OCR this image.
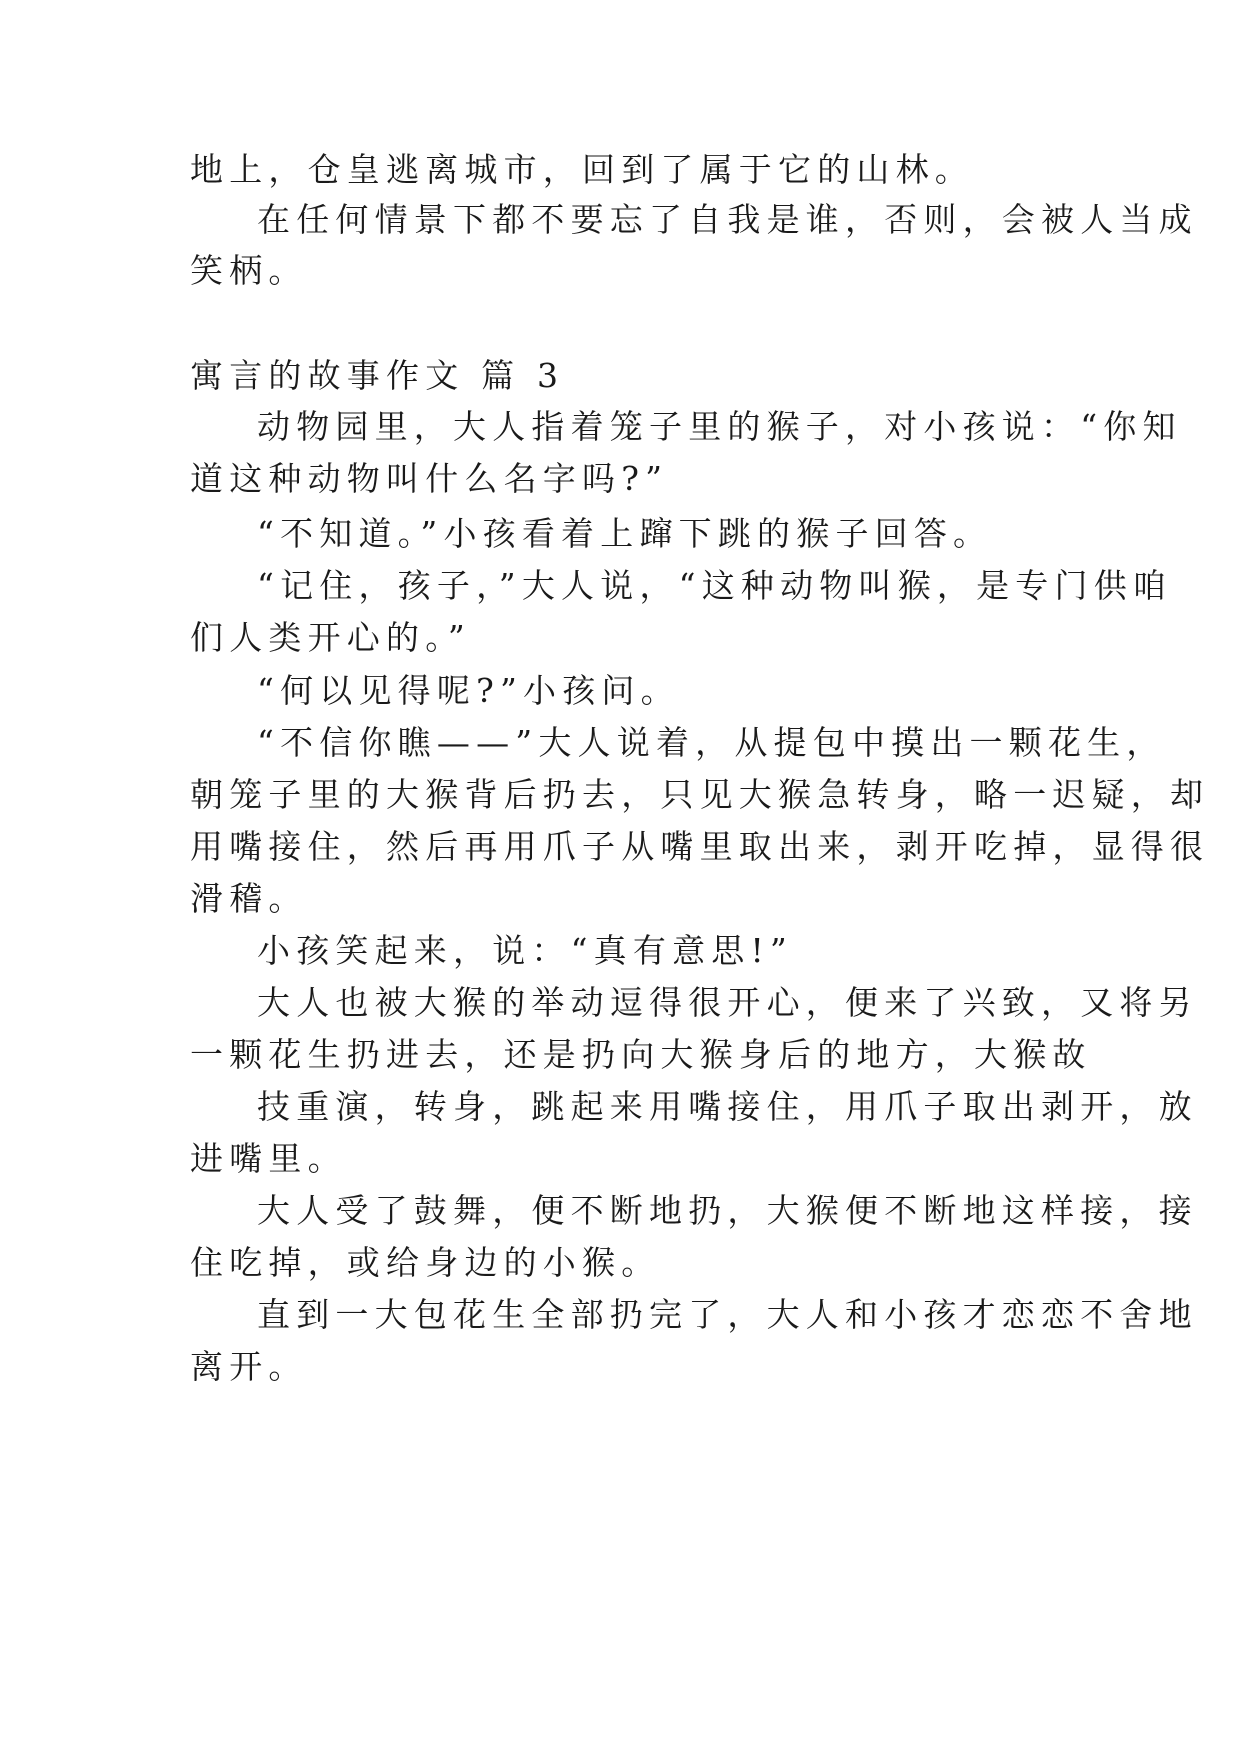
地上，仓皇逃离城市，回到了属于它的山林。
在任何情景下都不要忘了自我是谁，否则，会被人当成
笑柄。
寓言的故事作文 篇 3
动物园里，大人指着笼子里的猴子，对小孩说：“你知
道这种动物叫什么名字吗?”
“不知道。”小孩看着上蹿下跳的猴子回答。
“记住，孩子，”大人说，“这种动物叫猴，是专门供咱
们人类开心的。”
“何以见得呢?”小孩问。
“不信你瞧——”大人说着，从提包中摸出一颗花生，
朝笼子里的大猴背后扔去，只见大猴急转身，略一迟疑，却
用嘴接住，然后再用爪子从嘴里取出来，剥开吃掉，显得很
滑稽。
小孩笑起来，说：“真有意思!”
大人也被大猴的举动逗得很开心，便来了兴致，又将另
一颗花生扔进去，还是扔向大猴身后的地方，大猴故
技重演，转身，跳起来用嘴接住，用爪子取出剥开，放
进嘴里。
大人受了鼓舞，便不断地扔，大猴便不断地这样接，接
住吃掉，或给身边的小猴。
直到一大包花生全部扔完了，大人和小孩才恋恋不舍地
离开。
